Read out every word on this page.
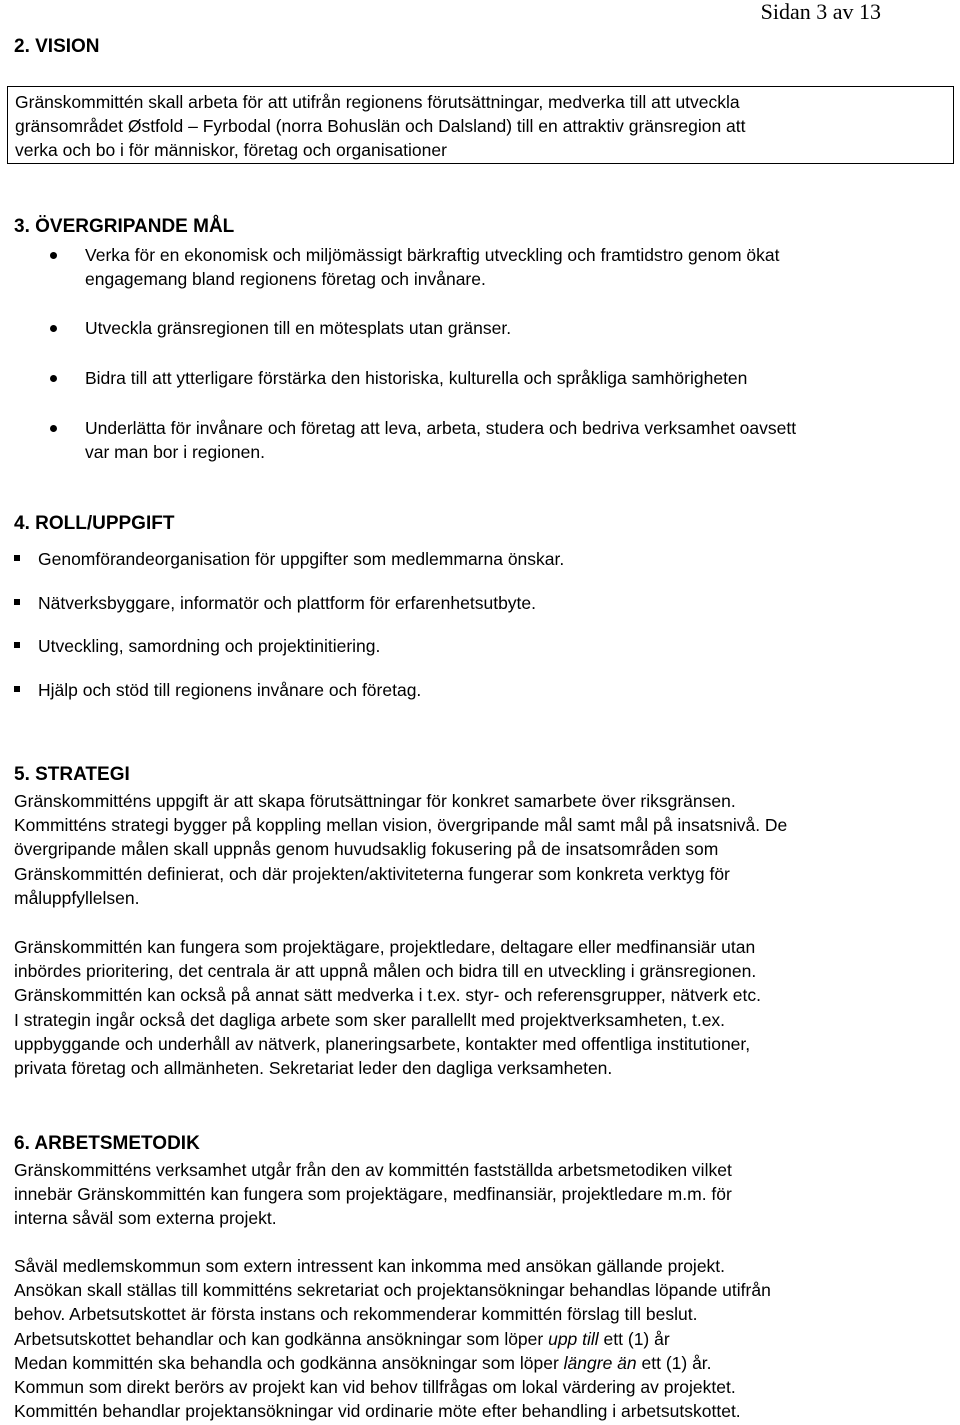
Sidan 3 av 13
2. VISION

Gränskommittén skall arbeta för att utifrån regionens förutsättningar, medverka till att utveckla

gränsområdet Østfold – Fyrbodal (norra Bohuslän och Dalsland) till en attraktiv gränsregion att

verka och bo i för människor, företag och organisationer

3. ÖVERGRIPANDE MÅL

Verka för en ekonomisk och miljömässigt bärkraftig utveckling och framtidstro genom ökat

engagemang bland regionens företag och invånare.

Utveckla gränsregionen till en mötesplats utan gränser.

Bidra till att ytterligare förstärka den historiska, kulturella och språkliga samhörigheten

Underlätta för invånare och företag att leva, arbeta, studera och bedriva verksamhet oavsett

var man bor i regionen.

4. ROLL/UPPGIFT

Genomförandeorganisation för uppgifter som medlemmarna önskar.

Nätverksbyggare, informatör och plattform för erfarenhetsutbyte.

Utveckling, samordning och projektinitiering.

Hjälp och stöd till regionens invånare och företag.

5. STRATEGI

Gränskommitténs uppgift är att skapa förutsättningar för konkret samarbete över riksgränsen.

Kommitténs strategi bygger på koppling mellan vision, övergripande mål samt mål på insatsnivå. De

övergripande målen skall uppnås genom huvudsaklig fokusering på de insatsområden som

Gränskommittén definierat, och där projekten/aktiviteterna fungerar som konkreta verktyg för

måluppfyllelsen.

Gränskommittén kan fungera som projektägare, projektledare, deltagare eller medfinansiär utan

inbördes prioritering, det centrala är att uppnå målen och bidra till en utveckling i gränsregionen.

Gränskommittén kan också på annat sätt medverka i t.ex. styr- och referensgrupper, nätverk etc.

I strategin ingår också det dagliga arbete som sker parallellt med projektverksamheten, t.ex.

uppbyggande och underhåll av nätverk, planeringsarbete, kontakter med offentliga institutioner,

privata företag och allmänheten. Sekretariat leder den dagliga verksamheten.

6. ARBETSMETODIK

Gränskommitténs verksamhet utgår från den av kommittén fastställda arbetsmetodiken vilket

innebär Gränskommittén kan fungera som projektägare, medfinansiär, projektledare m.m. för

interna såväl som externa projekt.

Såväl medlemskommun som extern intressent kan inkomma med ansökan gällande projekt.

Ansökan skall ställas till kommitténs sekretariat och projektansökningar behandlas löpande utifrån

behov. Arbetsutskottet är första instans och rekommenderar kommittén förslag till beslut.

Arbetsutskottet behandlar och kan godkänna ansökningar som löper upp till ett (1) år

Medan kommittén ska behandla och godkänna ansökningar som löper längre än ett (1) år.

Kommun som direkt berörs av projekt kan vid behov tillfrågas om lokal värdering av projektet.

Kommittén behandlar projektansökningar vid ordinarie möte efter behandling i arbetsutskottet.
